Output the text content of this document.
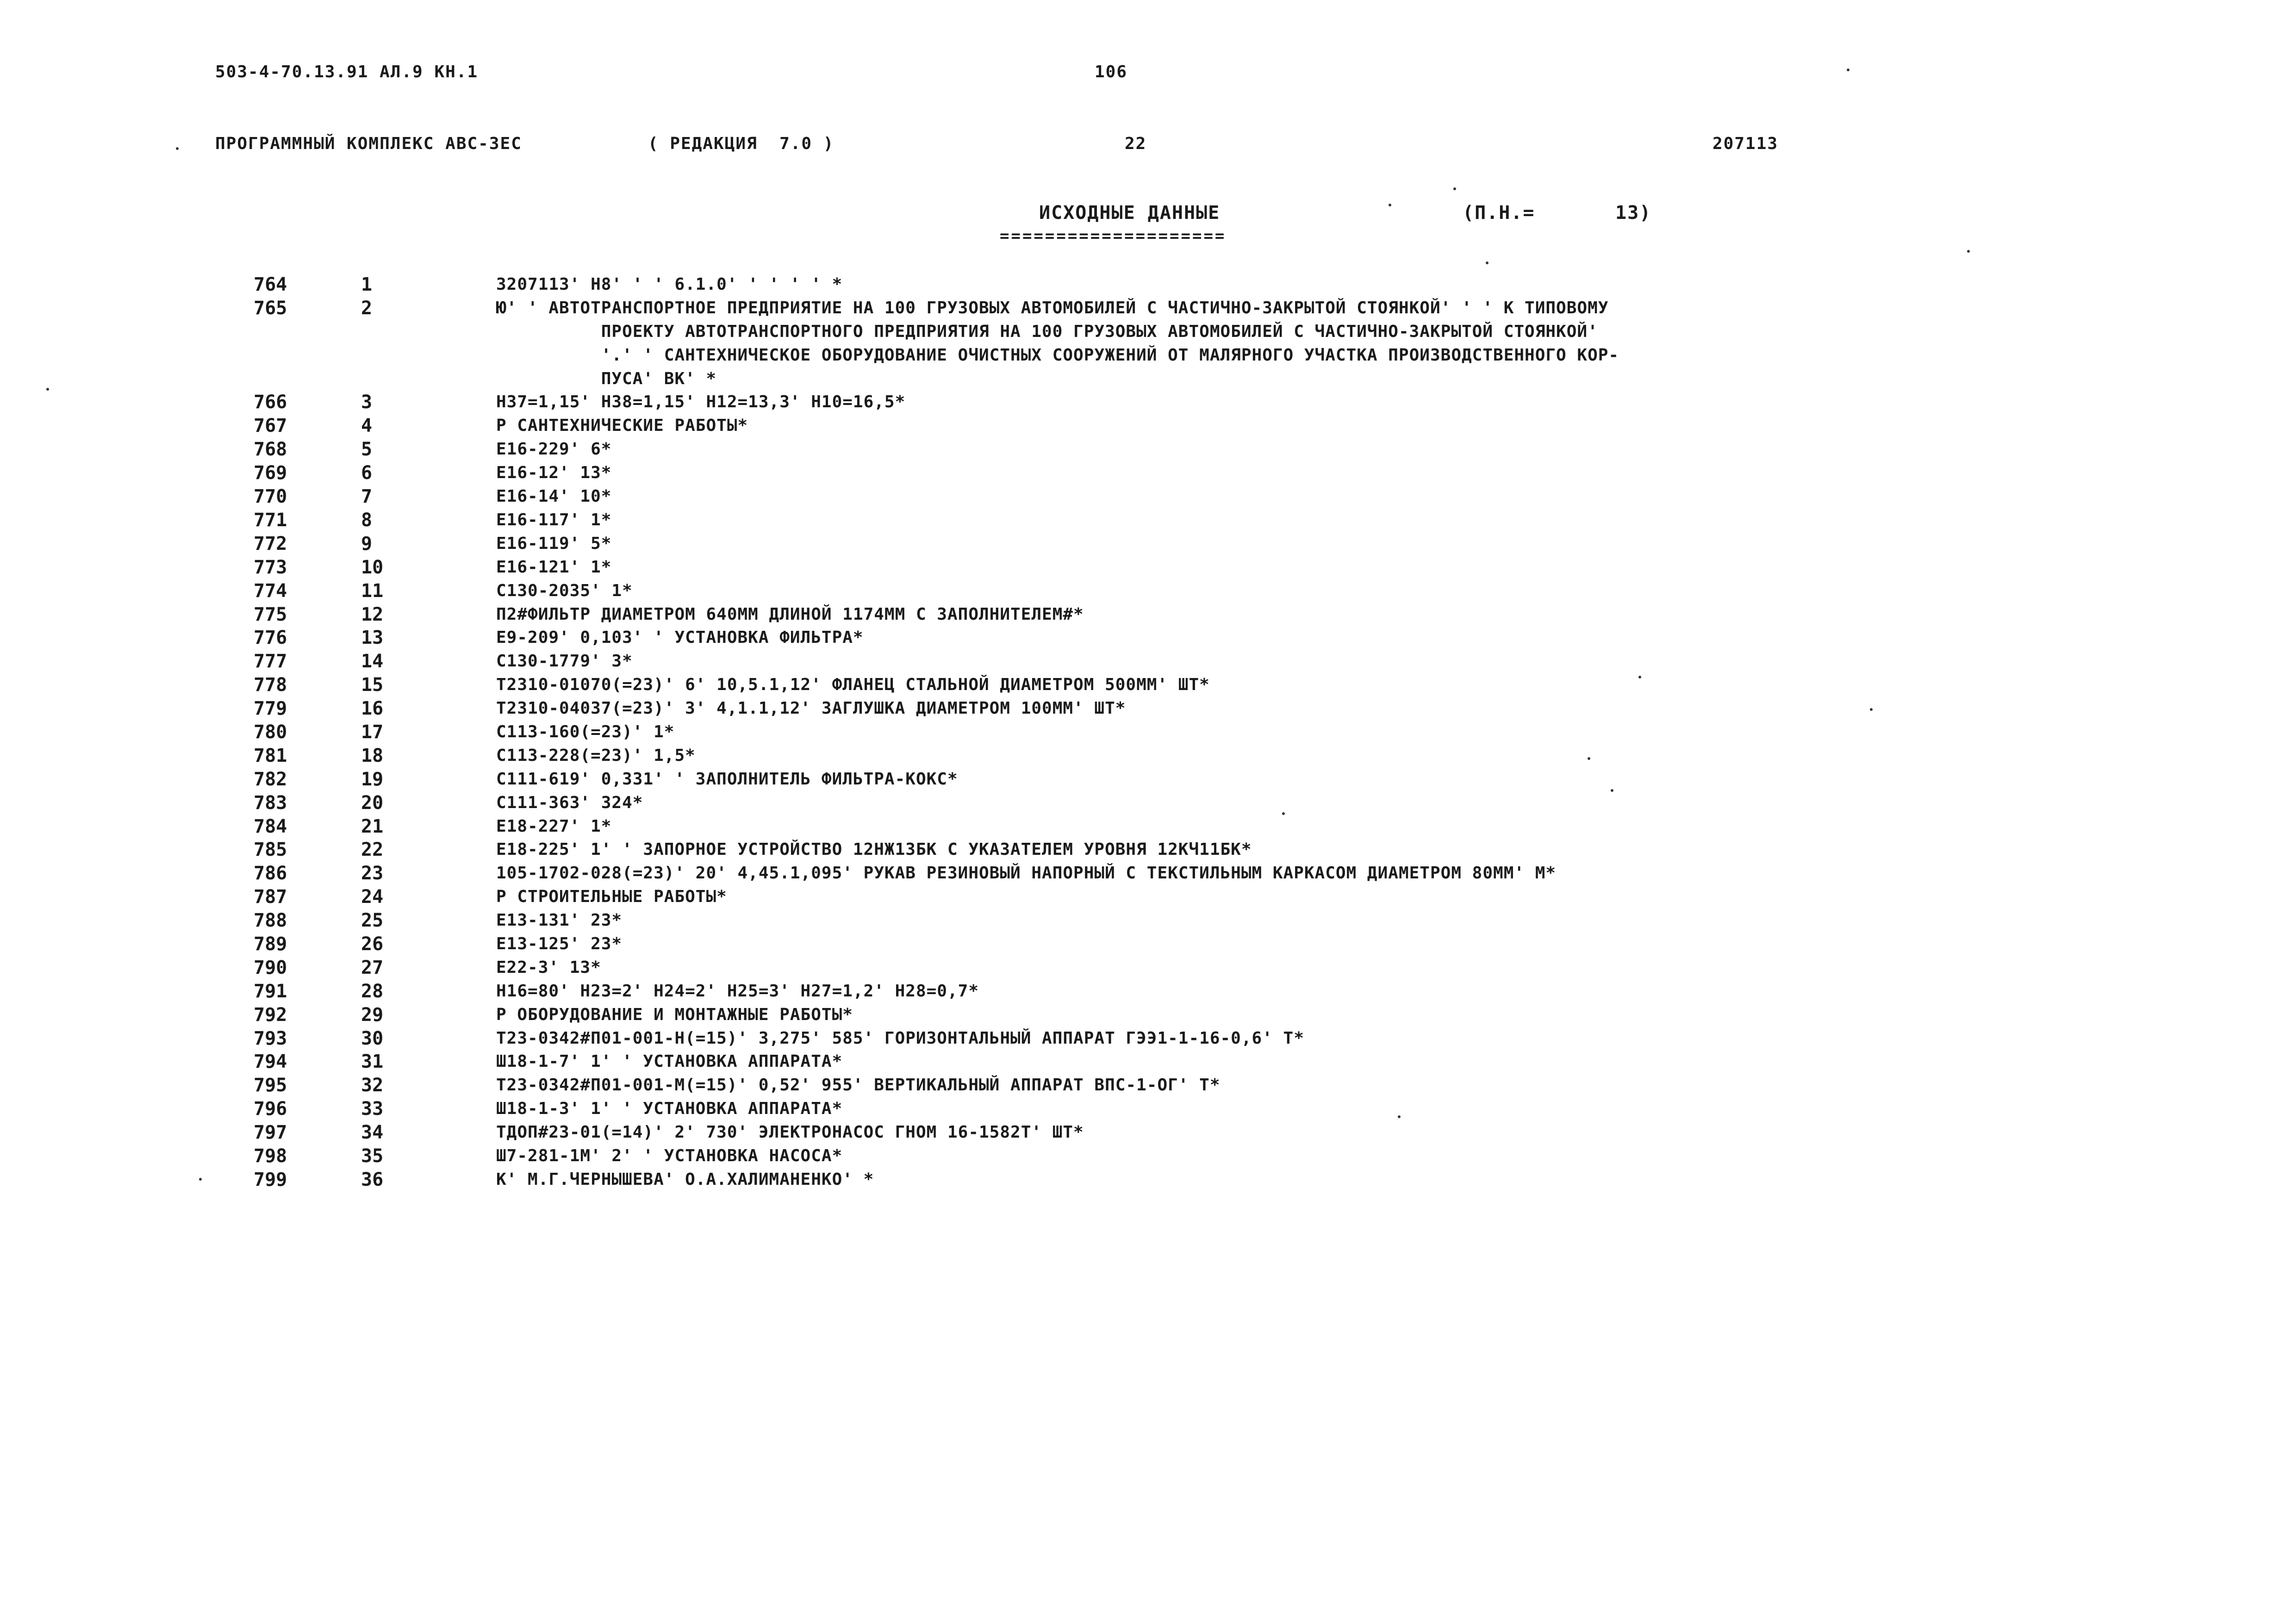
503-4-70.13.91 АЛ.9 КН.1	106
ПРОГРАММНЫЙ КОМПЛЕКС АВС-3ЕС	( РЕДАКЦИЯ  7.0 )	22	207113
ИСХОДНЫЕ ДАННЫЕ
====================
(П.Н.=	13)
764	1	3207113' Н8' ' ' 6.1.0' ' ' ' ' *
765	2	Ю' ' АВТОТРАНСПОРТНОЕ ПРЕДПРИЯТИЕ НА 100 ГРУЗОВЫХ АВТОМОБИЛЕЙ С ЧАСТИЧНО-ЗАКРЫТОЙ СТОЯНКОЙ' ' ' К ТИПОВОМУ
ПРОЕКТУ АВТОТРАНСПОРТНОГО ПРЕДПРИЯТИЯ НА 100 ГРУЗОВЫХ АВТОМОБИЛЕЙ С ЧАСТИЧНО-ЗАКРЫТОЙ СТОЯНКОЙ'
'.' ' САНТЕХНИЧЕСКОЕ ОБОРУДОВАНИЕ ОЧИСТНЫХ СООРУЖЕНИЙ ОТ МАЛЯРНОГО УЧАСТКА ПРОИЗВОДСТВЕННОГО КОР-
ПУСА' ВК' *
766	3	Н37=1,15' Н38=1,15' Н12=13,3' Н10=16,5*
767	4	Р САНТЕХНИЧЕСКИЕ РАБОТЫ*
768	5	Е16-229' 6*
769	6	Е16-12' 13*
770	7	Е16-14' 10*
771	8	Е16-117' 1*
772	9	Е16-119' 5*
773	10	Е16-121' 1*
774	11	С130-2035' 1*
775	12	П2#ФИЛЬТР ДИАМЕТРОМ 640ММ ДЛИНОЙ 1174ММ С ЗАПОЛНИТЕЛЕМ#*
776	13	Е9-209' 0,103' ' УСТАНОВКА ФИЛЬТРА*
777	14	С130-1779' 3*
778	15	Т2310-01070(=23)' 6' 10,5.1,12' ФЛАНЕЦ СТАЛЬНОЙ ДИАМЕТРОМ 500ММ' ШТ*
779	16	Т2310-04037(=23)' 3' 4,1.1,12' ЗАГЛУШКА ДИАМЕТРОМ 100ММ' ШТ*
780	17	С113-160(=23)' 1*
781	18	С113-228(=23)' 1,5*
782	19	С111-619' 0,331' ' ЗАПОЛНИТЕЛЬ ФИЛЬТРА-КОКС*
783	20	С111-363' 324*
784	21	Е18-227' 1*
785	22	Е18-225' 1' ' ЗАПОРНОЕ УСТРОЙСТВО 12НЖ13БК С УКАЗАТЕЛЕМ УРОВНЯ 12КЧ11БК*
786	23	105-1702-028(=23)' 20' 4,45.1,095' РУКАВ РЕЗИНОВЫЙ НАПОРНЫЙ С ТЕКСТИЛЬНЫМ КАРКАСОМ ДИАМЕТРОМ 80ММ' М*
787	24	Р СТРОИТЕЛЬНЫЕ РАБОТЫ*
788	25	Е13-131' 23*
789	26	Е13-125' 23*
790	27	Е22-3' 13*
791	28	Н16=80' Н23=2' Н24=2' Н25=3' Н27=1,2' Н28=0,7*
792	29	Р ОБОРУДОВАНИЕ И МОНТАЖНЫЕ РАБОТЫ*
793	30	Т23-0342#П01-001-Н(=15)' 3,275' 585' ГОРИЗОНТАЛЬНЫЙ АППАРАТ ГЭЭ1-1-16-0,6' Т*
794	31	Ш18-1-7' 1' ' УСТАНОВКА АППАРАТА*
795	32	Т23-0342#П01-001-М(=15)' 0,52' 955' ВЕРТИКАЛЬНЫЙ АППАРАТ ВПС-1-ОГ' Т*
796	33	Ш18-1-3' 1' ' УСТАНОВКА АППАРАТА*
797	34	ТДОП#23-01(=14)' 2' 730' ЭЛЕКТРОНАСОС ГНОМ 16-1582Т' ШТ*
798	35	Ш7-281-1М' 2' ' УСТАНОВКА НАСОСА*
799	36	К' М.Г.ЧЕРНЫШЕВА' О.А.ХАЛИМАНЕНКО' *
